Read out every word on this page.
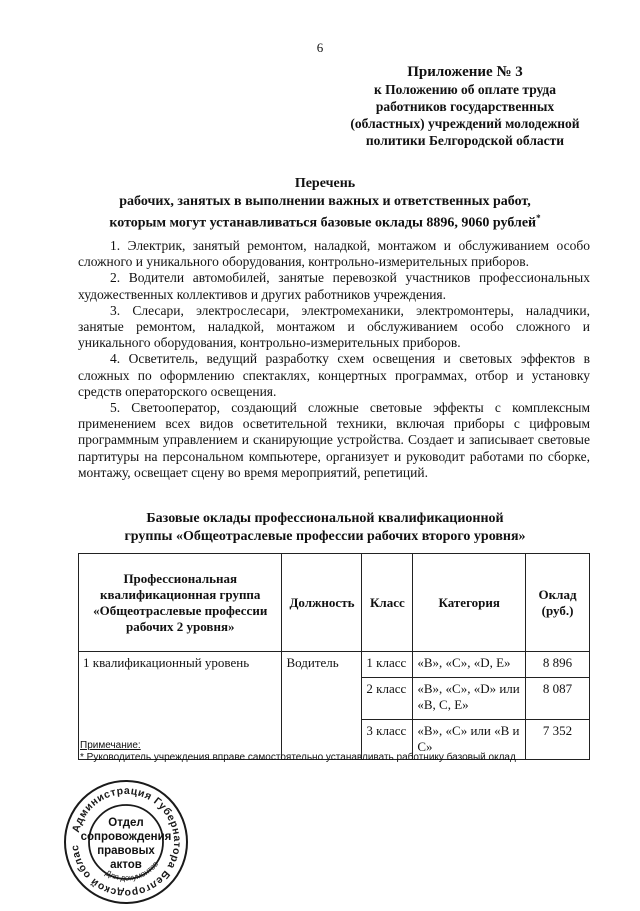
6
Приложение № 3
к Положению об оплате труда
работников государственных
(областных) учреждений молодежной
политики Белгородской области
Перечень
рабочих, занятых в выполнении важных и ответственных работ,
которым могут устанавливаться базовые оклады 8896, 9060 рублей*

1. Электрик, занятый ремонтом, наладкой, монтажом и обслуживанием особо сложного и уникального оборудования, контрольно-измерительных приборов.

2. Водители автомобилей, занятые перевозкой участников профессиональных художественных коллективов и других работников учреждения.

3. Слесари, электрослесари, электромеханики, электромонтеры, наладчики, занятые ремонтом, наладкой, монтажом и обслуживанием особо сложного и уникального оборудования, контрольно-измерительных приборов.

4. Осветитель, ведущий разработку схем освещения и световых эффектов в сложных по оформлению спектаклях, концертных программах, отбор и установку средств операторского освещения.

5. Светооператор, создающий сложные световые эффекты с комплексным применением всех видов осветительной техники, включая приборы с цифровым программным управлением и сканирующие устройства. Создает и записывает световые партитуры на персональном компьютере, организует и руководит работами по сборке, монтажу, освещает сцену во время мероприятий, репетиций.

Базовые оклады профессиональной квалификационной
группы «Общеотраслевые профессии рабочих второго уровня»
Профессиональная квалификационная группа «Общеотраслевые профессии рабочих 2 уровня»	Должность	Класс	Категория	Оклад (руб.)
1 квалификационный уровень	Водитель	1 класс	«В», «С», «D, Е»	8 896
		2 класс	«В», «С», «D» или «В, С, Е»	8 087
		3 класс	«В», «С» или «В и С»	7 352
Примечание:
* Руководитель учреждения вправе самостоятельно устанавливать работнику базовый оклад
Администрация Губернатора Белгородской облас
Для документов
Отдел
сопровождения
правовых
актов
